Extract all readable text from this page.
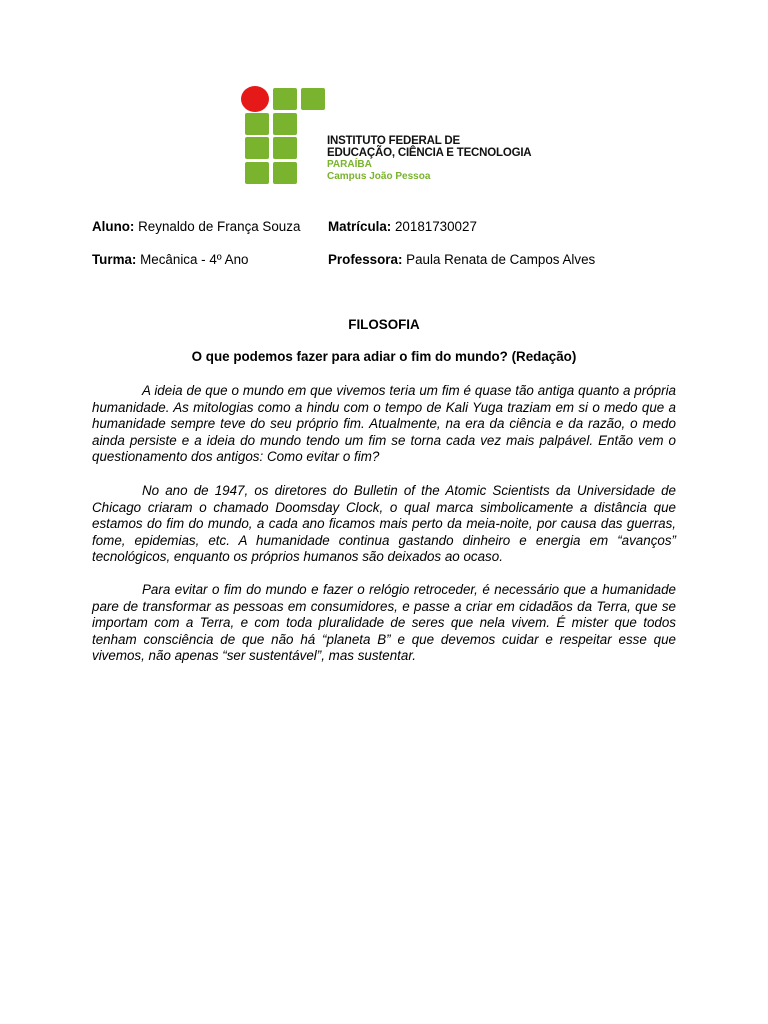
INSTITUTO FEDERAL DE
EDUCAÇÃO, CIÊNCIA E TECNOLOGIA
PARAÍBA
Campus João Pessoa
Aluno: Reynaldo de França Souza Matrícula: 20181730027
Turma: Mecânica - 4º Ano	Professora: Paula Renata de Campos Alves
FILOSOFIA
O que podemos fazer para adiar o fim do mundo? (Redação)

A ideia de que o mundo em que vivemos teria um fim é quase tão antiga quanto a própria humanidade. As mitologias como a hindu com o tempo de Kali Yuga traziam em si o medo que a humanidade sempre teve do seu próprio fim. Atualmente, na era da ciência e da razão, o medo ainda persiste e a ideia do mundo tendo um fim se torna cada vez mais palpável. Então vem o questionamento dos antigos: Como evitar o fim?

No ano de 1947, os diretores do Bulletin of the Atomic Scientists da Universidade de Chicago criaram o chamado Doomsday Clock, o qual marca simbolicamente a distância que estamos do fim do mundo, a cada ano ficamos mais perto da meia-noite, por causa das guerras, fome, epidemias, etc. A humanidade continua gastando dinheiro e energia em “avanços” tecnológicos, enquanto os próprios humanos são deixados ao ocaso.

Para evitar o fim do mundo e fazer o relógio retroceder, é necessário que a humanidade pare de transformar as pessoas em consumidores, e passe a criar em cidadãos da Terra, que se importam com a Terra, e com toda pluralidade de seres que nela vivem. É mister que todos tenham consciência de que não há “planeta B” e que devemos cuidar e respeitar esse que vivemos, não apenas “ser sustentável”, mas sustentar.
